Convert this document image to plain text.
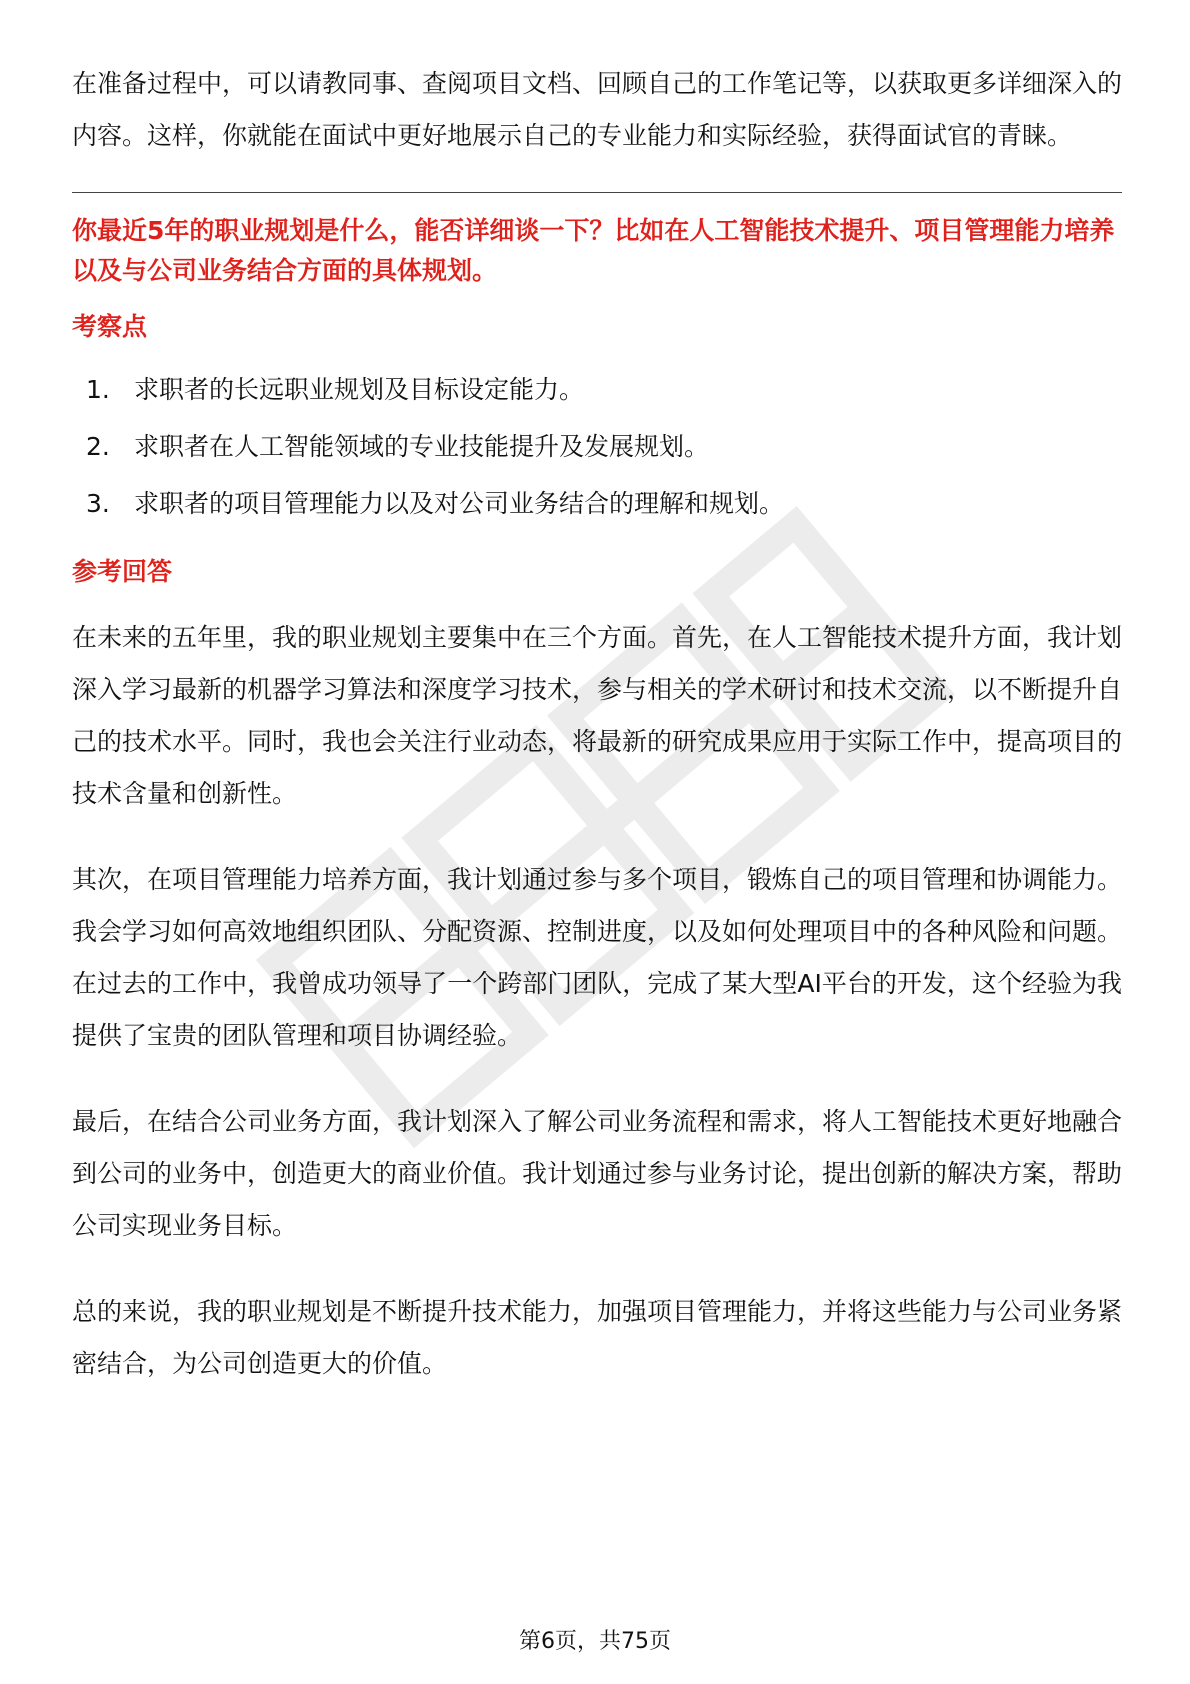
在准备过程中，可以请教同事、查阅项目文档、回顾自己的工作笔记等，以获取更多详细深入的内容。这样，你就能在面试中更好地展示自己的专业能力和实际经验，获得面试官的青睐。

你最近5年的职业规划是什么，能否详细谈一下？比如在人工智能技术提升、项目管理能力培养以及与公司业务结合方面的具体规划。

考察点
1. 求职者的长远职业规划及目标设定能力。
2. 求职者在人工智能领域的专业技能提升及发展规划。
3. 求职者的项目管理能力以及对公司业务结合的理解和规划。
参考回答

在未来的五年里，我的职业规划主要集中在三个方面。首先，在人工智能技术提升方面，我计划深入学习最新的机器学习算法和深度学习技术，参与相关的学术研讨和技术交流，以不断提升自己的技术水平。同时，我也会关注行业动态，将最新的研究成果应用于实际工作中，提高项目的技术含量和创新性。

其次，在项目管理能力培养方面，我计划通过参与多个项目，锻炼自己的项目管理和协调能力。我会学习如何高效地组织团队、分配资源、控制进度，以及如何处理项目中的各种风险和问题。在过去的工作中，我曾成功领导了一个跨部门团队，完成了某大型AI平台的开发，这个经验为我提供了宝贵的团队管理和项目协调经验。

最后，在结合公司业务方面，我计划深入了解公司业务流程和需求，将人工智能技术更好地融合到公司的业务中，创造更大的商业价值。我计划通过参与业务讨论，提出创新的解决方案，帮助公司实现业务目标。

总的来说，我的职业规划是不断提升技术能力，加强项目管理能力，并将这些能力与公司业务紧密结合，为公司创造更大的价值。

第6页，共75页
